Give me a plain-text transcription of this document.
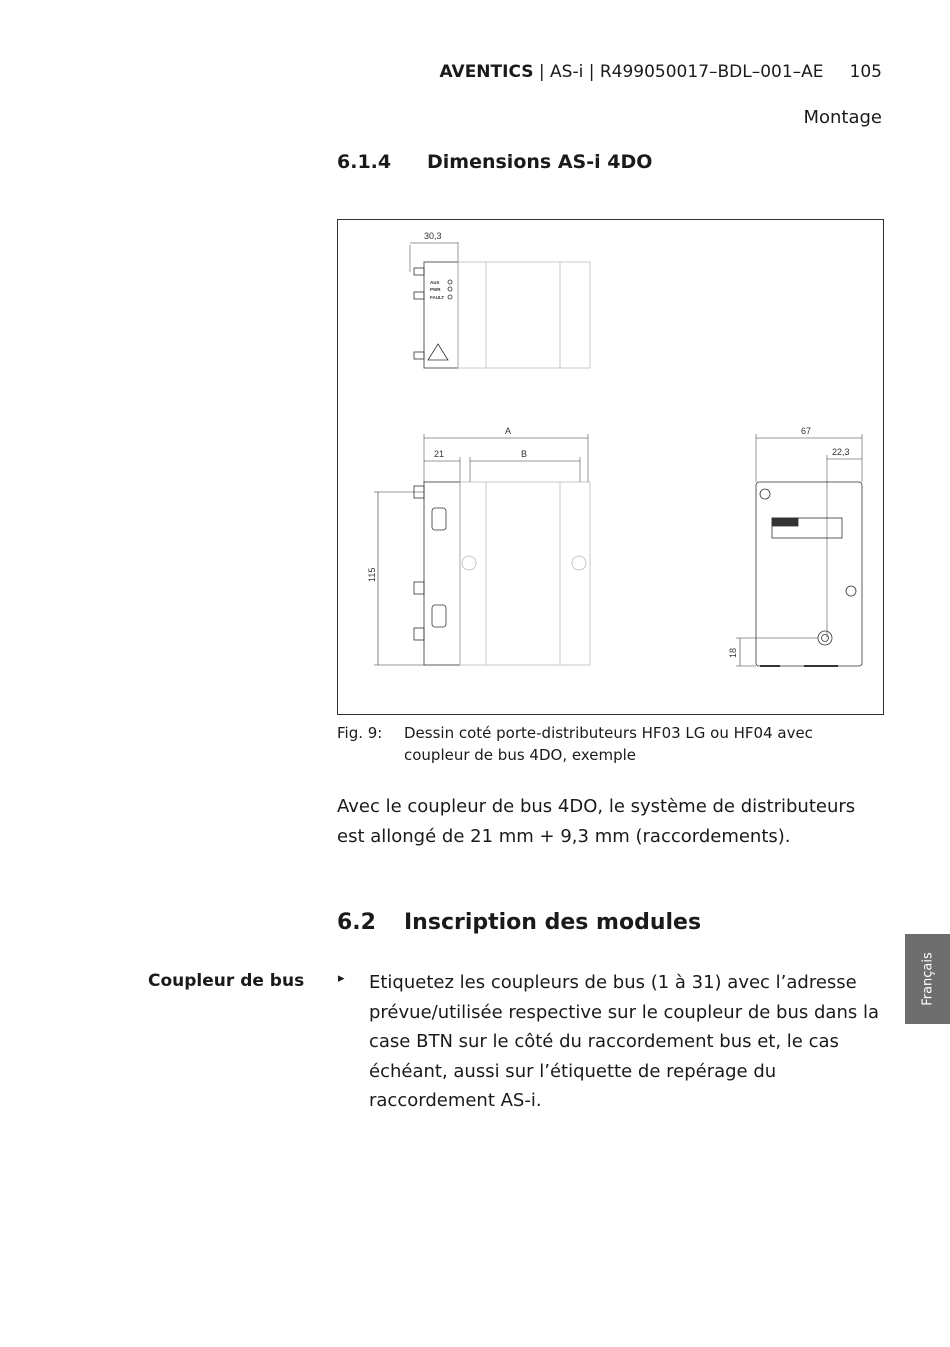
AVENTICS | AS-i | R499050017–BDL–001–AE 105
Montage
6.1.4 Dimensions AS-i 4DO
30,3
AUX
PWR
FAULT
A
21	B
115
67
22,3
18
Fig. 9: Dessin coté porte-distributeurs HF03 LG ou HF04 avec coupleur de bus 4DO, exemple
Avec le coupleur de bus 4DO, le système de distributeurs est allongé de 21 mm + 9,3 mm (raccordements).
6.2 Inscription des modules
Coupleur de bus	▸ Etiquetez les coupleurs de bus (1 à 31) avec l’adresse prévue/utilisée respective sur le coupleur de bus dans la case BTN sur le côté du raccordement bus et, le cas échéant, aussi sur l’étiquette de repérage du raccordement AS-i.
Français
